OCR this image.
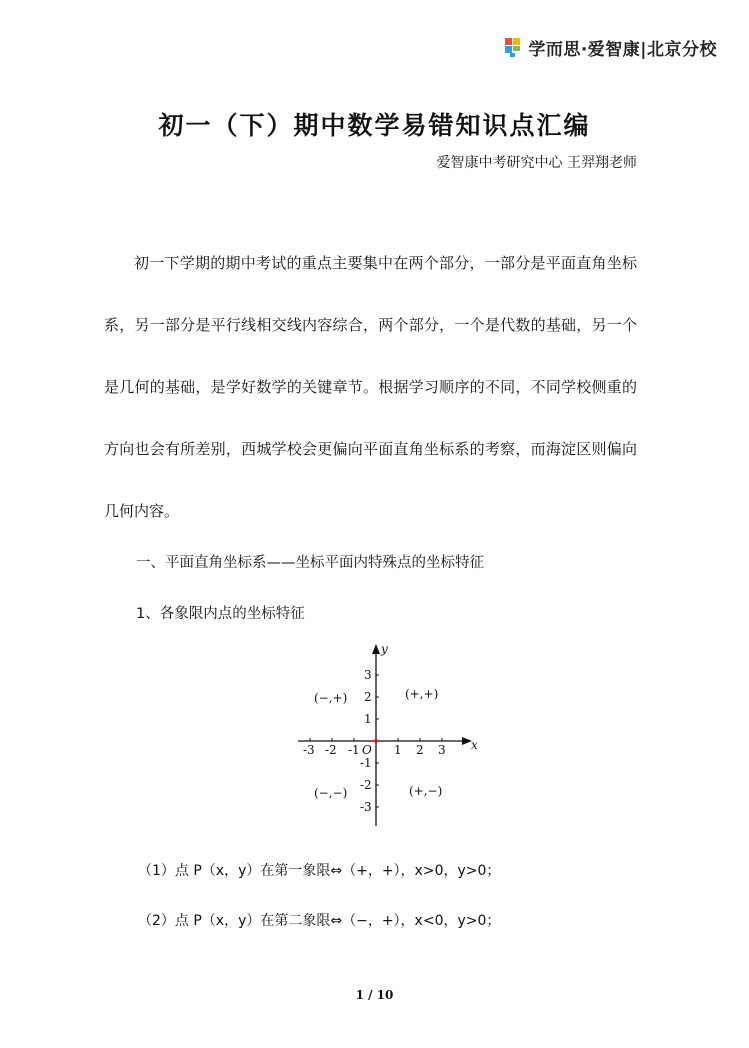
学而思·爱智康|北京分校
初一（下）期中数学易错知识点汇编
爱智康中考研究中心 王羿翔老师

初一下学期的期中考试的重点主要集中在两个部分，一部分是平面直角坐标系，另一部分是平行线相交线内容综合，两个部分，一个是代数的基础，另一个是几何的基础，是学好数学的关键章节。根据学习顺序的不同，不同学校侧重的方向也会有所差别，西城学校会更偏向平面直角坐标系的考察，而海淀区则偏向几何内容。

一、平面直角坐标系——坐标平面内特殊点的坐标特征
1、各象限内点的坐标特征
-3 -2 -1	1 2 3
3
2
1
-1
-2
-3
x
y
O
(−,+)	(+,+)
(−,−)	(+,−)
（1）点 P（x，y）在第一象限⇔（+，+），x>0，y>0；
（2）点 P（x，y）在第二象限⇔（−，+），x<0，y>0；
1 / 10
